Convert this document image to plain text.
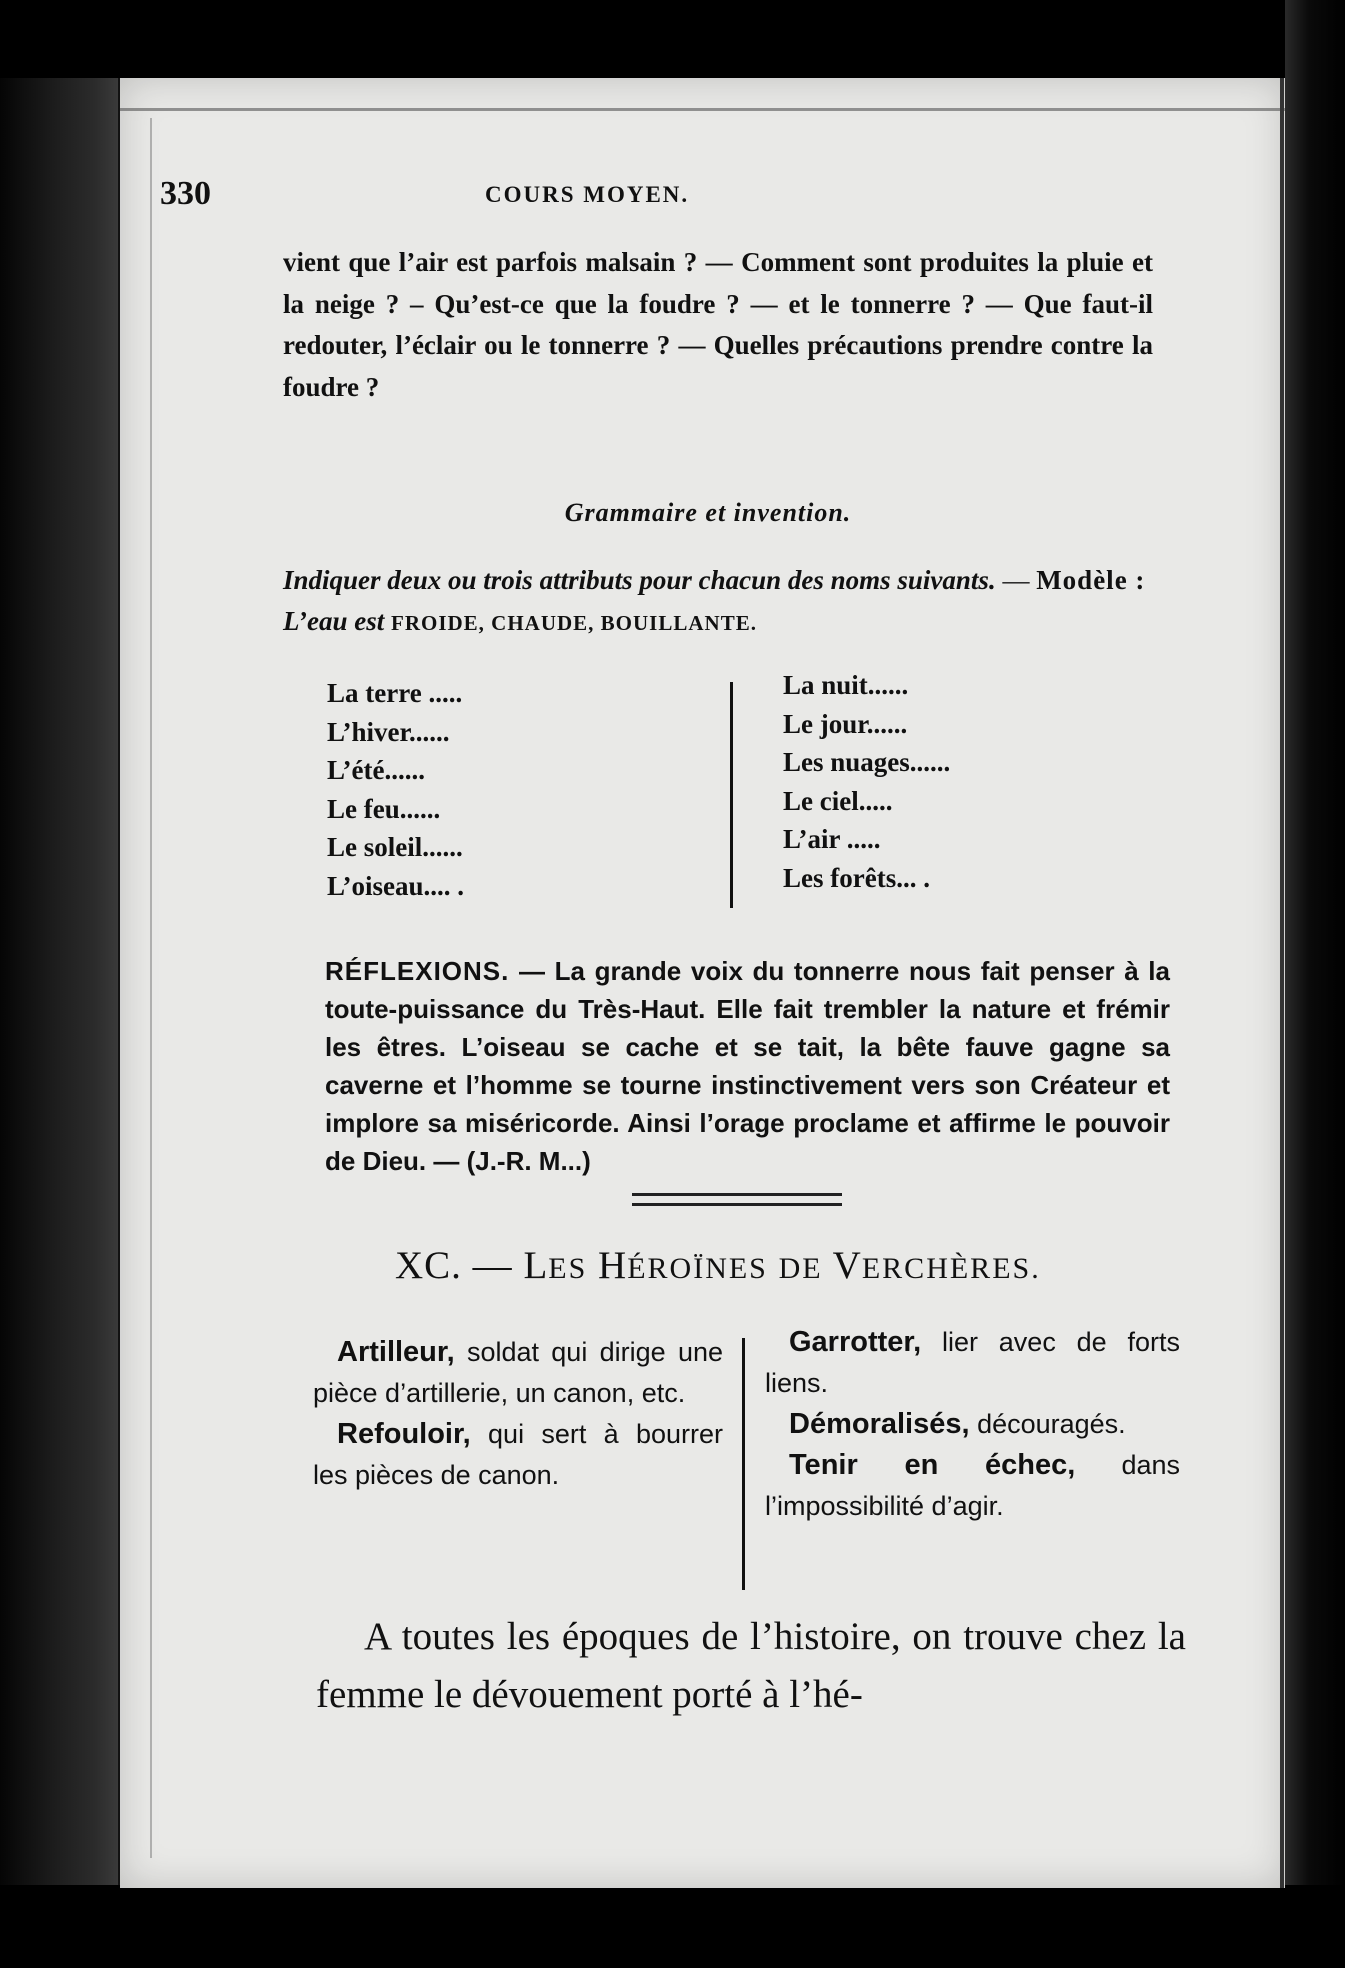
330	COURS MOYEN.
vient que l’air est parfois malsain ? — Comment sont produites la pluie et la neige ? – Qu’est-ce que la foudre ? — et le tonnerre ? — Que faut-il redouter, l’éclair ou le tonnerre ? — Quelles précautions prendre contre la foudre ?
Grammaire et invention.
Indiquer deux ou trois attributs pour chacun des noms suivants. — Modèle : L’eau est FROIDE, CHAUDE, BOUILLANTE.
La terre .....
L’hiver......
L’été......
Le feu......
Le soleil......
L’oiseau.... .
La nuit......
Le jour......
Les nuages......
Le ciel.....
L’air .....
Les forêts... .
RÉFLEXIONS. — La grande voix du tonnerre nous fait penser à la toute-puissance du Très-Haut. Elle fait trembler la nature et frémir les êtres. L’oiseau se cache et se tait, la bête fauve gagne sa caverne et l’homme se tourne instinctivement vers son Créateur et implore sa miséricorde. Ainsi l’orage proclame et affirme le pouvoir de Dieu. — (J.-R. M...)
XC. — LES HÉROÏNES DE VERCHÈRES.

Artilleur, soldat qui dirige une pièce d’artillerie, un canon, etc.

Refouloir, qui sert à bourrer les pièces de canon.

Garrotter, lier avec de forts liens.

Démoralisés, découragés.

Tenir en échec, dans l’impossibilité d’agir.

A toutes les époques de l’histoire, on trouve chez la femme le dévouement porté à l’hé-
